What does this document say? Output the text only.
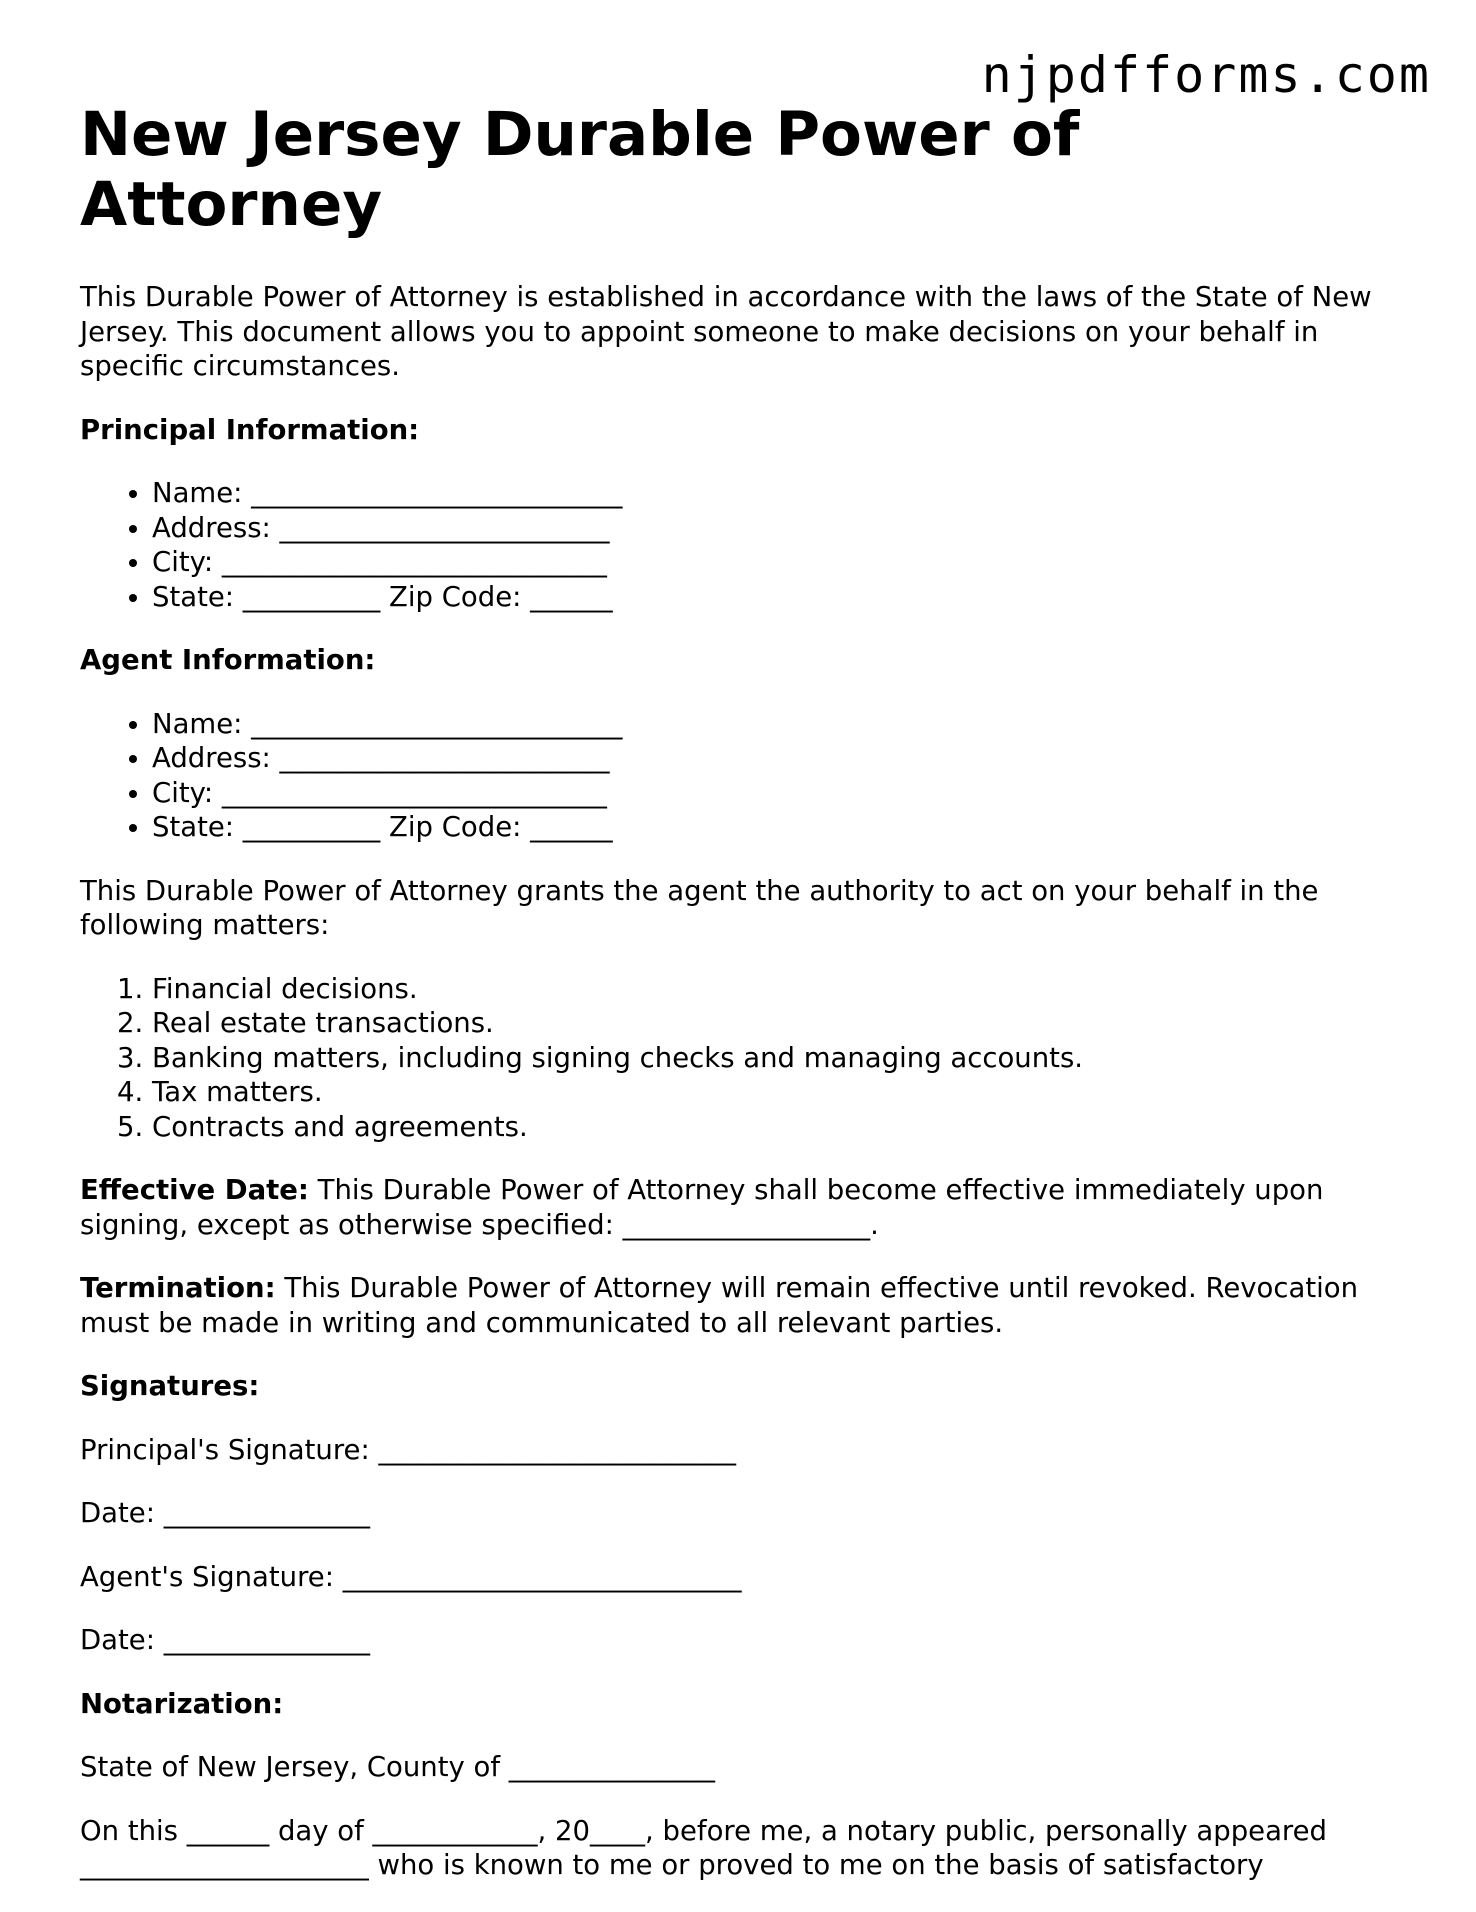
njpdfforms.com
New Jersey Durable Power of Attorney

This Durable Power of Attorney is established in accordance with the laws of the State of New Jersey. This document allows you to appoint someone to make decisions on your behalf in specific circumstances.

Principal Information:

• Name: ___________________________
• Address: ________________________
• City: ____________________________
• State: __________ Zip Code: ______

Agent Information:

• Name: ___________________________
• Address: ________________________
• City: ____________________________
• State: __________ Zip Code: ______

This Durable Power of Attorney grants the agent the authority to act on your behalf in the following matters:

1. Financial decisions.
2. Real estate transactions.
3. Banking matters, including signing checks and managing accounts.
4. Tax matters.
5. Contracts and agreements.

Effective Date: This Durable Power of Attorney shall become effective immediately upon signing, except as otherwise specified: __________________.

Termination: This Durable Power of Attorney will remain effective until revoked. Revocation must be made in writing and communicated to all relevant parties.

Signatures:

Principal's Signature: __________________________

Date: _______________

Agent's Signature: _____________________________

Date: _______________

Notarization:

State of New Jersey, County of _______________

On this ______ day of ____________, 20____, before me, a notary public, personally appeared _____________________ who is known to me or proved to me on the basis of satisfactory
